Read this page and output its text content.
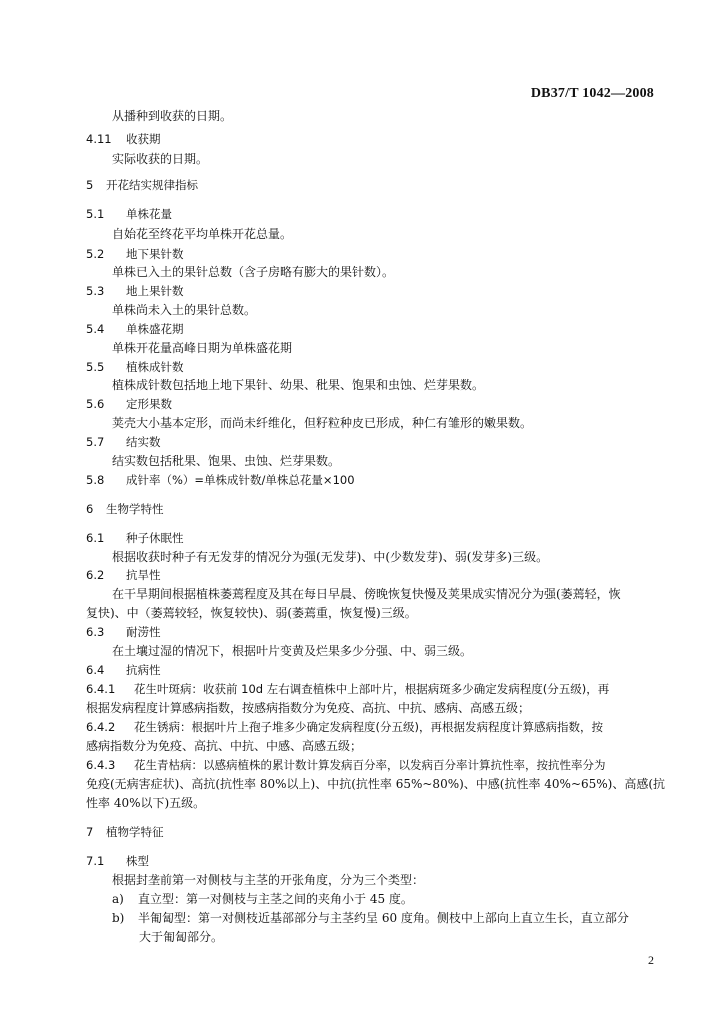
DB37/T 1042—2008
从播种到收获的日期。
4.11 收获期
实际收获的日期。
5 开花结实规律指标
5.1 单株花量
自始花至终花平均单株开花总量。
5.2 地下果针数
单株已入土的果针总数（含子房略有膨大的果针数）。
5.3 地上果针数
单株尚未入土的果针总数。
5.4 单株盛花期
单株开花量高峰日期为单株盛花期
5.5 植株成针数
植株成针数包括地上地下果针、幼果、秕果、饱果和虫蚀、烂芽果数。
5.6 定形果数
荚壳大小基本定形，而尚未纤维化，但籽粒种皮已形成，种仁有雏形的嫩果数。
5.7 结实数
结实数包括秕果、饱果、虫蚀、烂芽果数。
5.8 成针率（%）=单株成针数/单株总花量×100
6 生物学特性
6.1 种子休眠性
根据收获时种子有无发芽的情况分为强(无发芽)、中(少数发芽)、弱(发芽多)三级。
6.2 抗旱性
在干旱期间根据植株萎蔫程度及其在每日早晨、傍晚恢复快慢及荚果成实情况分为强(萎蔫轻，恢
复快)、中（萎蔫较轻，恢复较快)、弱(萎蔫重，恢复慢)三级。
6.3 耐涝性
在土壤过湿的情况下，根据叶片变黄及烂果多少分强、中、弱三级。
6.4 抗病性
6.4.1 花生叶斑病：收获前 10d 左右调查植株中上部叶片，根据病斑多少确定发病程度(分五级)，再
根据发病程度计算感病指数，按感病指数分为免疫、高抗、中抗、感病、高感五级；
6.4.2 花生锈病：根据叶片上孢子堆多少确定发病程度(分五级)，再根据发病程度计算感病指数，按
感病指数分为免疫、高抗、中抗、中感、高感五级；
6.4.3 花生青枯病：以感病植株的累计数计算发病百分率，以发病百分率计算抗性率，按抗性率分为
免疫(无病害症状)、高抗(抗性率 80%以上)、中抗(抗性率 65%~80%)、中感(抗性率 40%~65%)、高感(抗
性率 40%以下)五级。
7 植物学特征
7.1 株型
根据封垄前第一对侧枝与主茎的开张角度，分为三个类型：
a) 直立型：第一对侧枝与主茎之间的夹角小于 45 度。
b) 半匍匐型：第一对侧枝近基部部分与主茎约呈 60 度角。侧枝中上部向上直立生长，直立部分
大于匍匐部分。
2
